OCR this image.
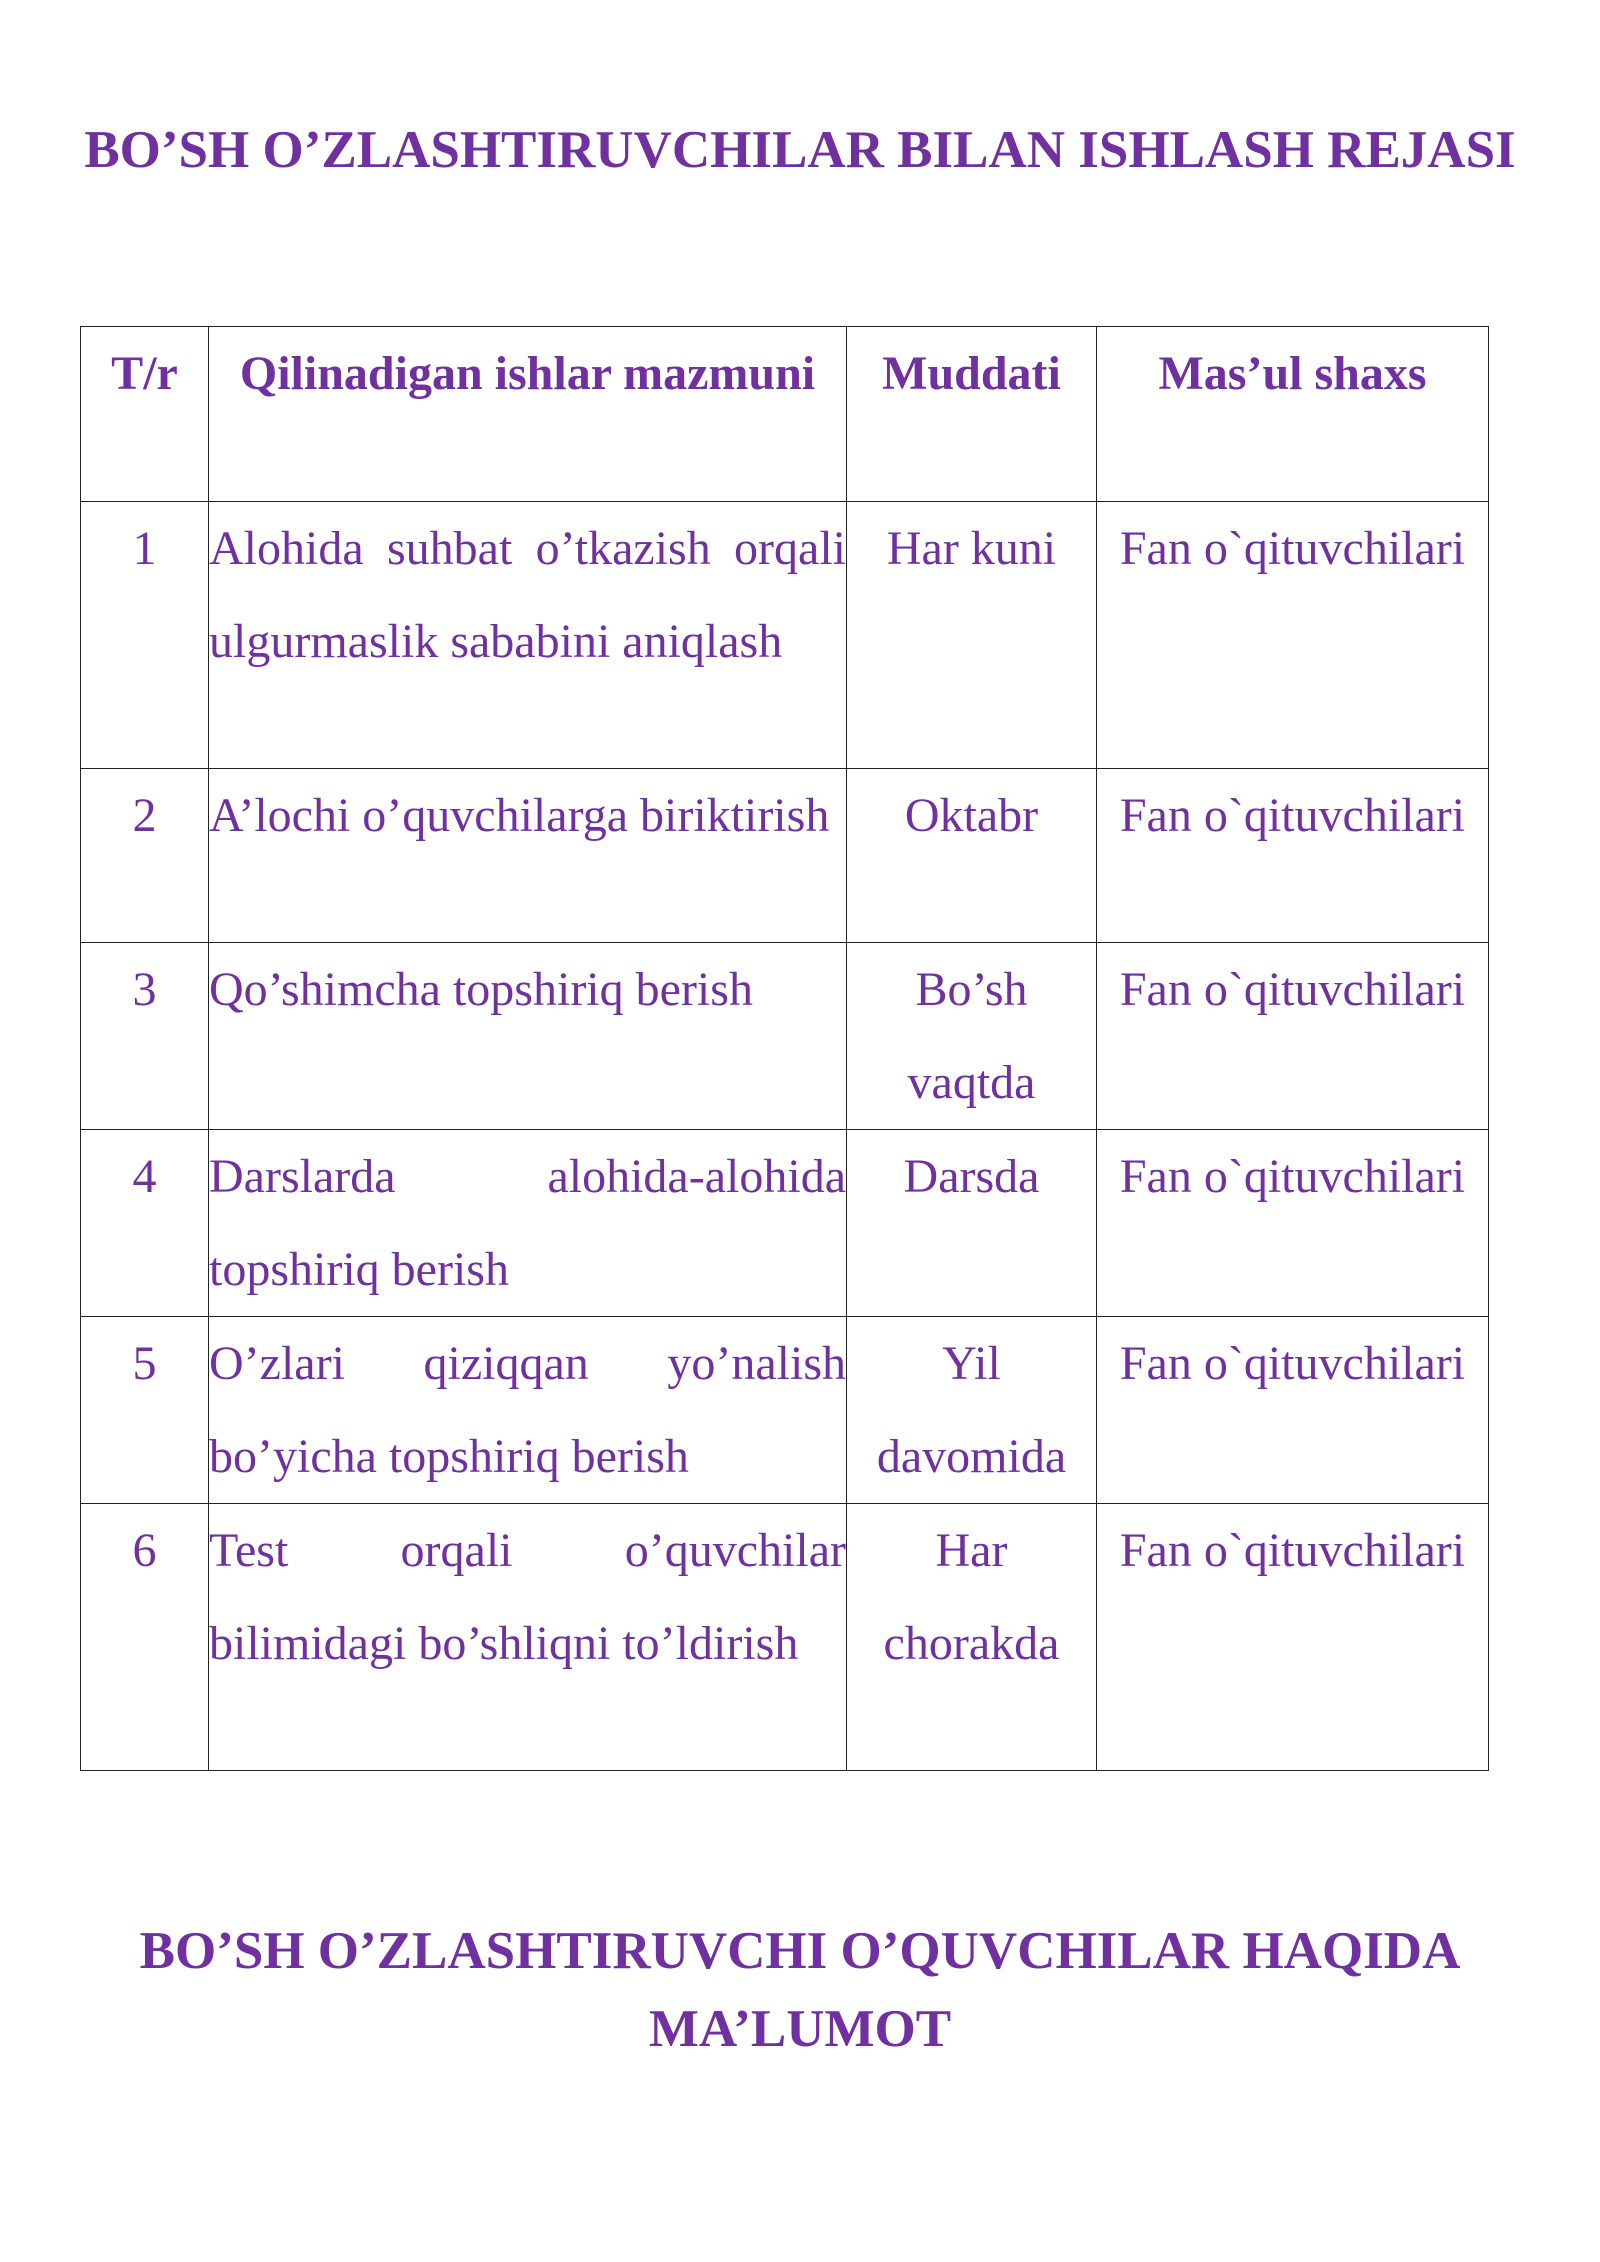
BO’SH O’ZLASHTIRUVCHILAR BILAN ISHLASH REJASI
T/r	Qilinadigan ishlar mazmuni	Muddati	Mas’ul shaxs
1	Alohida suhbat o’tkazish orqali ulgurmaslik sababini aniqlash	Har kuni	Fan o`qituvchilari
2	A’lochi o’quvchilarga biriktirish	Oktabr	Fan o`qituvchilari
3	Qo’shimcha topshiriq berish	Bo’sh vaqtda	Fan o`qituvchilari
4	Darslarda alohida-alohida topshiriq berish	Darsda	Fan o`qituvchilari
5	O’zlari qiziqqan yo’nalish bo’yicha topshiriq berish	Yil davomida	Fan o`qituvchilari
6	Test orqali o’quvchilar bilimidagi bo’shliqni to’ldirish	Har chorakda	Fan o`qituvchilari
BO’SH O’ZLASHTIRUVCHI O’QUVCHILAR HAQIDA MA’LUMOT
